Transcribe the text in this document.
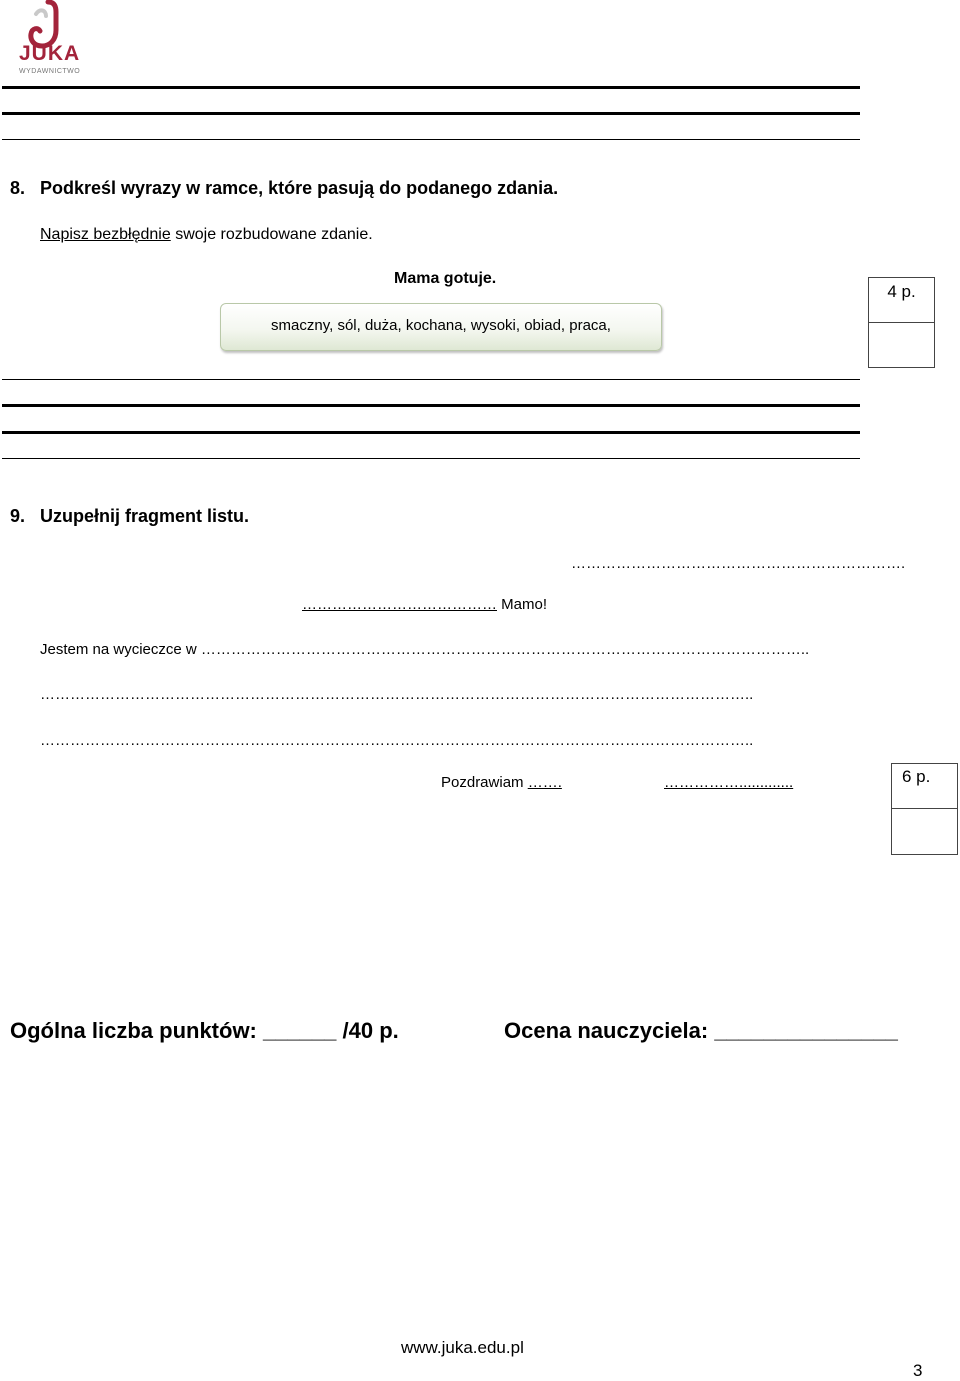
JUKA
WYDAWNICTWO
8. Podkreśl wyrazy w ramce, które pasują do podanego zdania.
Napisz bezbłędnie swoje rozbudowane zdanie.
Mama gotuje.
smaczny, sól, duża, kochana, wysoki, obiad, praca,
4 p.
9. Uzupełnij fragment listu.
………………………………………………………….
………………………………… Mamo!
Jestem na wycieczce w …………………………………………………………………………………………………………..
……………………………………………………………………………………………………………………………..
……………………………………………………………………………………………………………………………..
Pozdrawiam …….	…………….............	6 p.
Ogólna liczba punktów: ______ /40 p.	Ocena nauczyciela: _______________
www.juka.edu.pl
3
